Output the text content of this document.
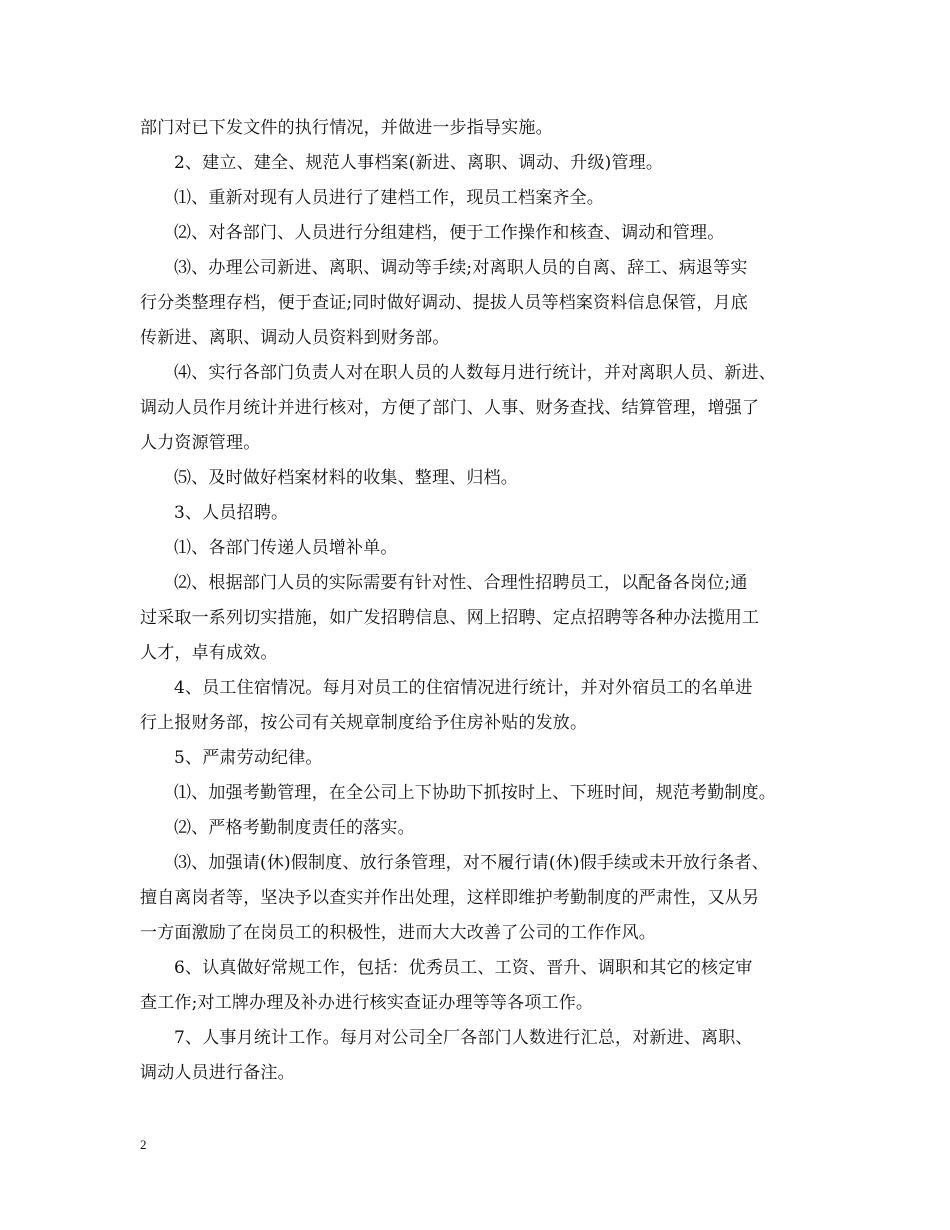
部门对已下发文件的执行情况，并做进一步指导实施。
2、建立、建全、规范人事档案(新进、离职、调动、升级)管理。
⑴、重新对现有人员进行了建档工作，现员工档案齐全。
⑵、对各部门、人员进行分组建档，便于工作操作和核查、调动和管理。
⑶、办理公司新进、离职、调动等手续;对离职人员的自离、辞工、病退等实
行分类整理存档，便于查证;同时做好调动、提拔人员等档案资料信息保管，月底
传新进、离职、调动人员资料到财务部。
⑷、实行各部门负责人对在职人员的人数每月进行统计，并对离职人员、新进、
调动人员作月统计并进行核对，方便了部门、人事、财务查找、结算管理，增强了
人力资源管理。
⑸、及时做好档案材料的收集、整理、归档。
3、人员招聘。
⑴、各部门传递人员增补单。
⑵、根据部门人员的实际需要有针对性、合理性招聘员工，以配备各岗位;通
过采取一系列切实措施，如广发招聘信息、网上招聘、定点招聘等各种办法揽用工
人才，卓有成效。
4、员工住宿情况。每月对员工的住宿情况进行统计，并对外宿员工的名单进
行上报财务部，按公司有关规章制度给予住房补贴的发放。
5、严肃劳动纪律。
⑴、加强考勤管理，在全公司上下协助下抓按时上、下班时间，规范考勤制度。
⑵、严格考勤制度责任的落实。
⑶、加强请(休)假制度、放行条管理，对不履行请(休)假手续或未开放行条者、
擅自离岗者等，坚决予以查实并作出处理，这样即维护考勤制度的严肃性，又从另
一方面激励了在岗员工的积极性，进而大大改善了公司的工作作风。
6、认真做好常规工作，包括：优秀员工、工资、晋升、调职和其它的核定审
查工作;对工牌办理及补办进行核实查证办理等等各项工作。
7、人事月统计工作。每月对公司全厂各部门人数进行汇总，对新进、离职、
调动人员进行备注。
2
